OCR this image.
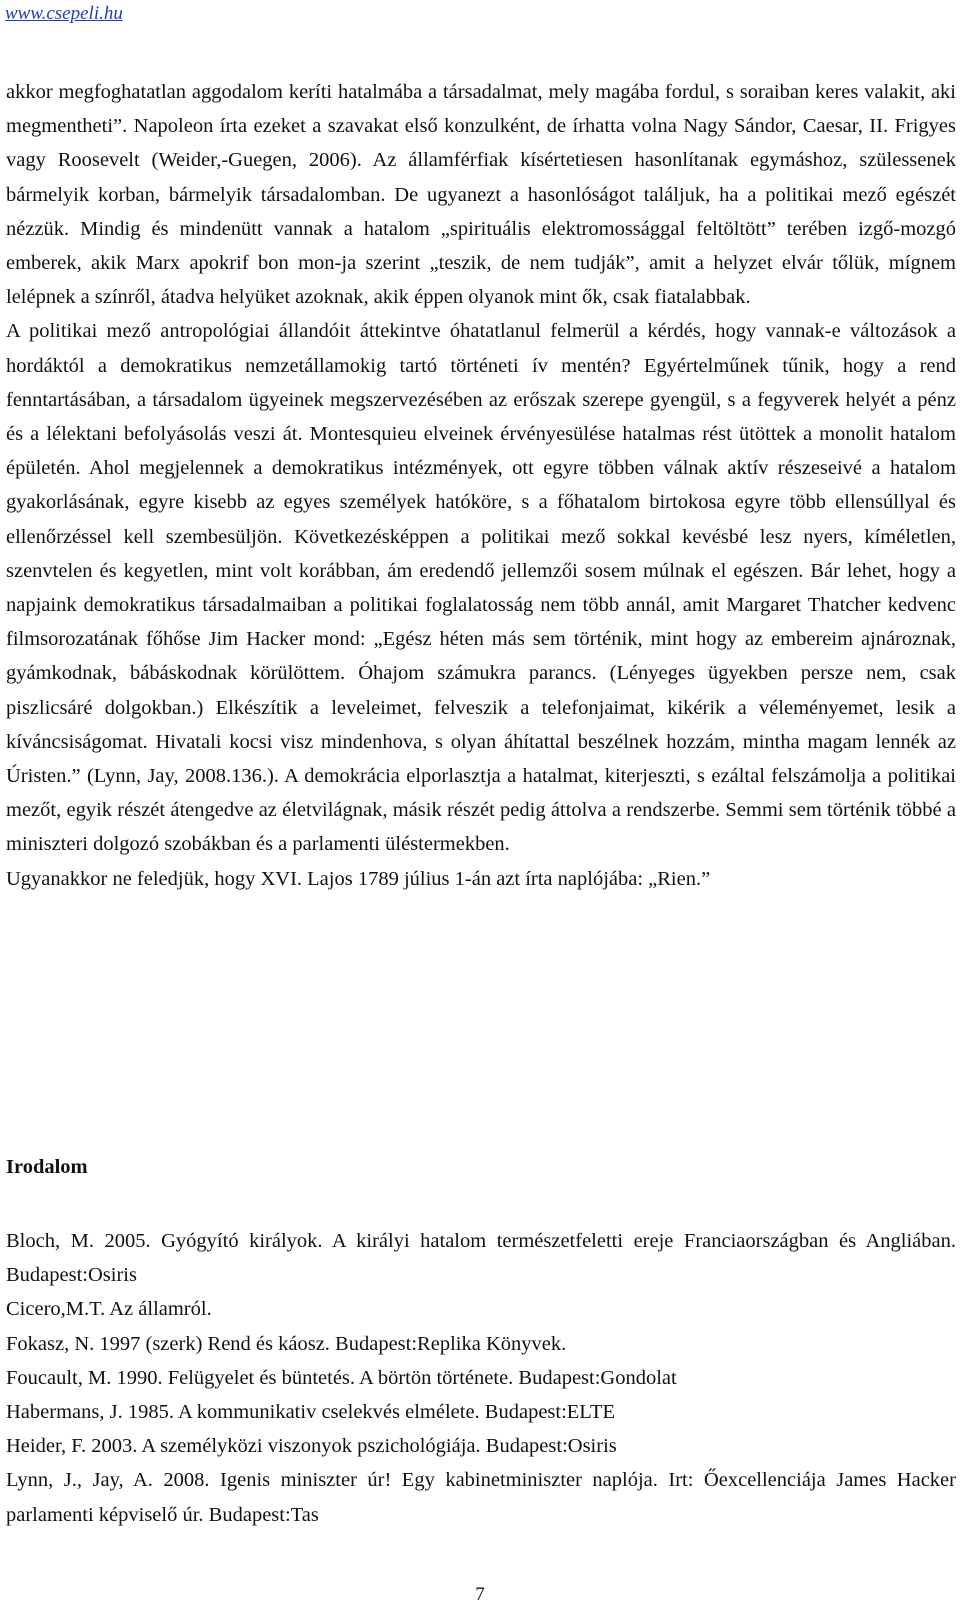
www.csepeli.hu

akkor megfoghatatlan aggodalom keríti hatalmába a társadalmat, mely magába fordul, s soraiban keres valakit, aki megmentheti”. Napoleon írta ezeket a szavakat első konzulként, de írhatta volna Nagy Sándor, Caesar, II. Frigyes vagy Roosevelt (Weider,-Guegen, 2006). Az államférfiak kísértetiesen hasonlítanak egymáshoz, szülessenek bármelyik korban, bármelyik társadalomban. De ugyanezt a hasonlóságot találjuk, ha a politikai mező egészét nézzük. Mindig és mindenütt vannak a hatalom „spirituális elektromossággal feltöltött” terében izgő-mozgó emberek, akik Marx apokrif bon mon-ja szerint „teszik, de nem tudják”, amit a helyzet elvár tőlük, mígnem lelépnek a színről, átadva helyüket azoknak, akik éppen olyanok mint ők, csak fiatalabbak.

A politikai mező antropológiai állandóit áttekintve óhatatlanul felmerül a kérdés, hogy vannak-e változások a hordáktól a demokratikus nemzetállamokig tartó történeti ív mentén? Egyértelműnek tűnik, hogy a rend fenntartásában, a társadalom ügyeinek megszervezésében az erőszak szerepe gyengül, s a fegyverek helyét a pénz és a lélektani befolyásolás veszi át. Montesquieu elveinek érvényesülése hatalmas rést ütöttek a monolit hatalom épületén. Ahol megjelennek a demokratikus intézmények, ott egyre többen válnak aktív részeseivé a hatalom gyakorlásának, egyre kisebb az egyes személyek hatóköre, s a főhatalom birtokosa egyre több ellensúllyal és ellenőrzéssel kell szembesüljön. Következésképpen a politikai mező sokkal kevésbé lesz nyers, kíméletlen, szenvtelen és kegyetlen, mint volt korábban, ám eredendő jellemzői sosem múlnak el egészen. Bár lehet, hogy a napjaink demokratikus társadalmaiban a politikai foglalatosság nem több annál, amit Margaret Thatcher kedvenc filmsorozatának főhőse Jim Hacker mond: „Egész héten más sem történik, mint hogy az embereim ajnároznak, gyámkodnak, bábáskodnak körülöttem. Óhajom számukra parancs. (Lényeges ügyekben persze nem, csak piszlicsáré dolgokban.) Elkészítik a leveleimet, felveszik a telefonjaimat, kikérik a véleményemet, lesik a kíváncsiságomat. Hivatali kocsi visz mindenhova, s olyan áhítattal beszélnek hozzám, mintha magam lennék az Úristen.” (Lynn, Jay, 2008.136.). A demokrácia elporlasztja a hatalmat, kiterjeszti, s ezáltal felszámolja a politikai mezőt, egyik részét átengedve az életvilágnak, másik részét pedig áttolva a rendszerbe. Semmi sem történik többé a miniszteri dolgozó szobákban és a parlamenti üléstermekben.

Ugyanakkor ne feledjük, hogy XVI. Lajos 1789 július 1-án azt írta naplójába: „Rien.”

Irodalom

Bloch, M. 2005. Gyógyító királyok. A királyi hatalom természetfeletti ereje Franciaországban és Angliában. Budapest:Osiris

Cicero,M.T. Az államról.

Fokasz, N. 1997 (szerk) Rend és káosz. Budapest:Replika Könyvek.

Foucault, M. 1990. Felügyelet és büntetés. A börtön története. Budapest:Gondolat

Habermans, J. 1985. A kommunikativ cselekvés elmélete. Budapest:ELTE

Heider, F. 2003. A személyközi viszonyok pszichológiája. Budapest:Osiris

Lynn, J., Jay, A. 2008. Igenis miniszter úr! Egy kabinetminiszter naplója. Irt: Őexcellenciája James Hacker parlamenti képviselő úr. Budapest:Tas

7
